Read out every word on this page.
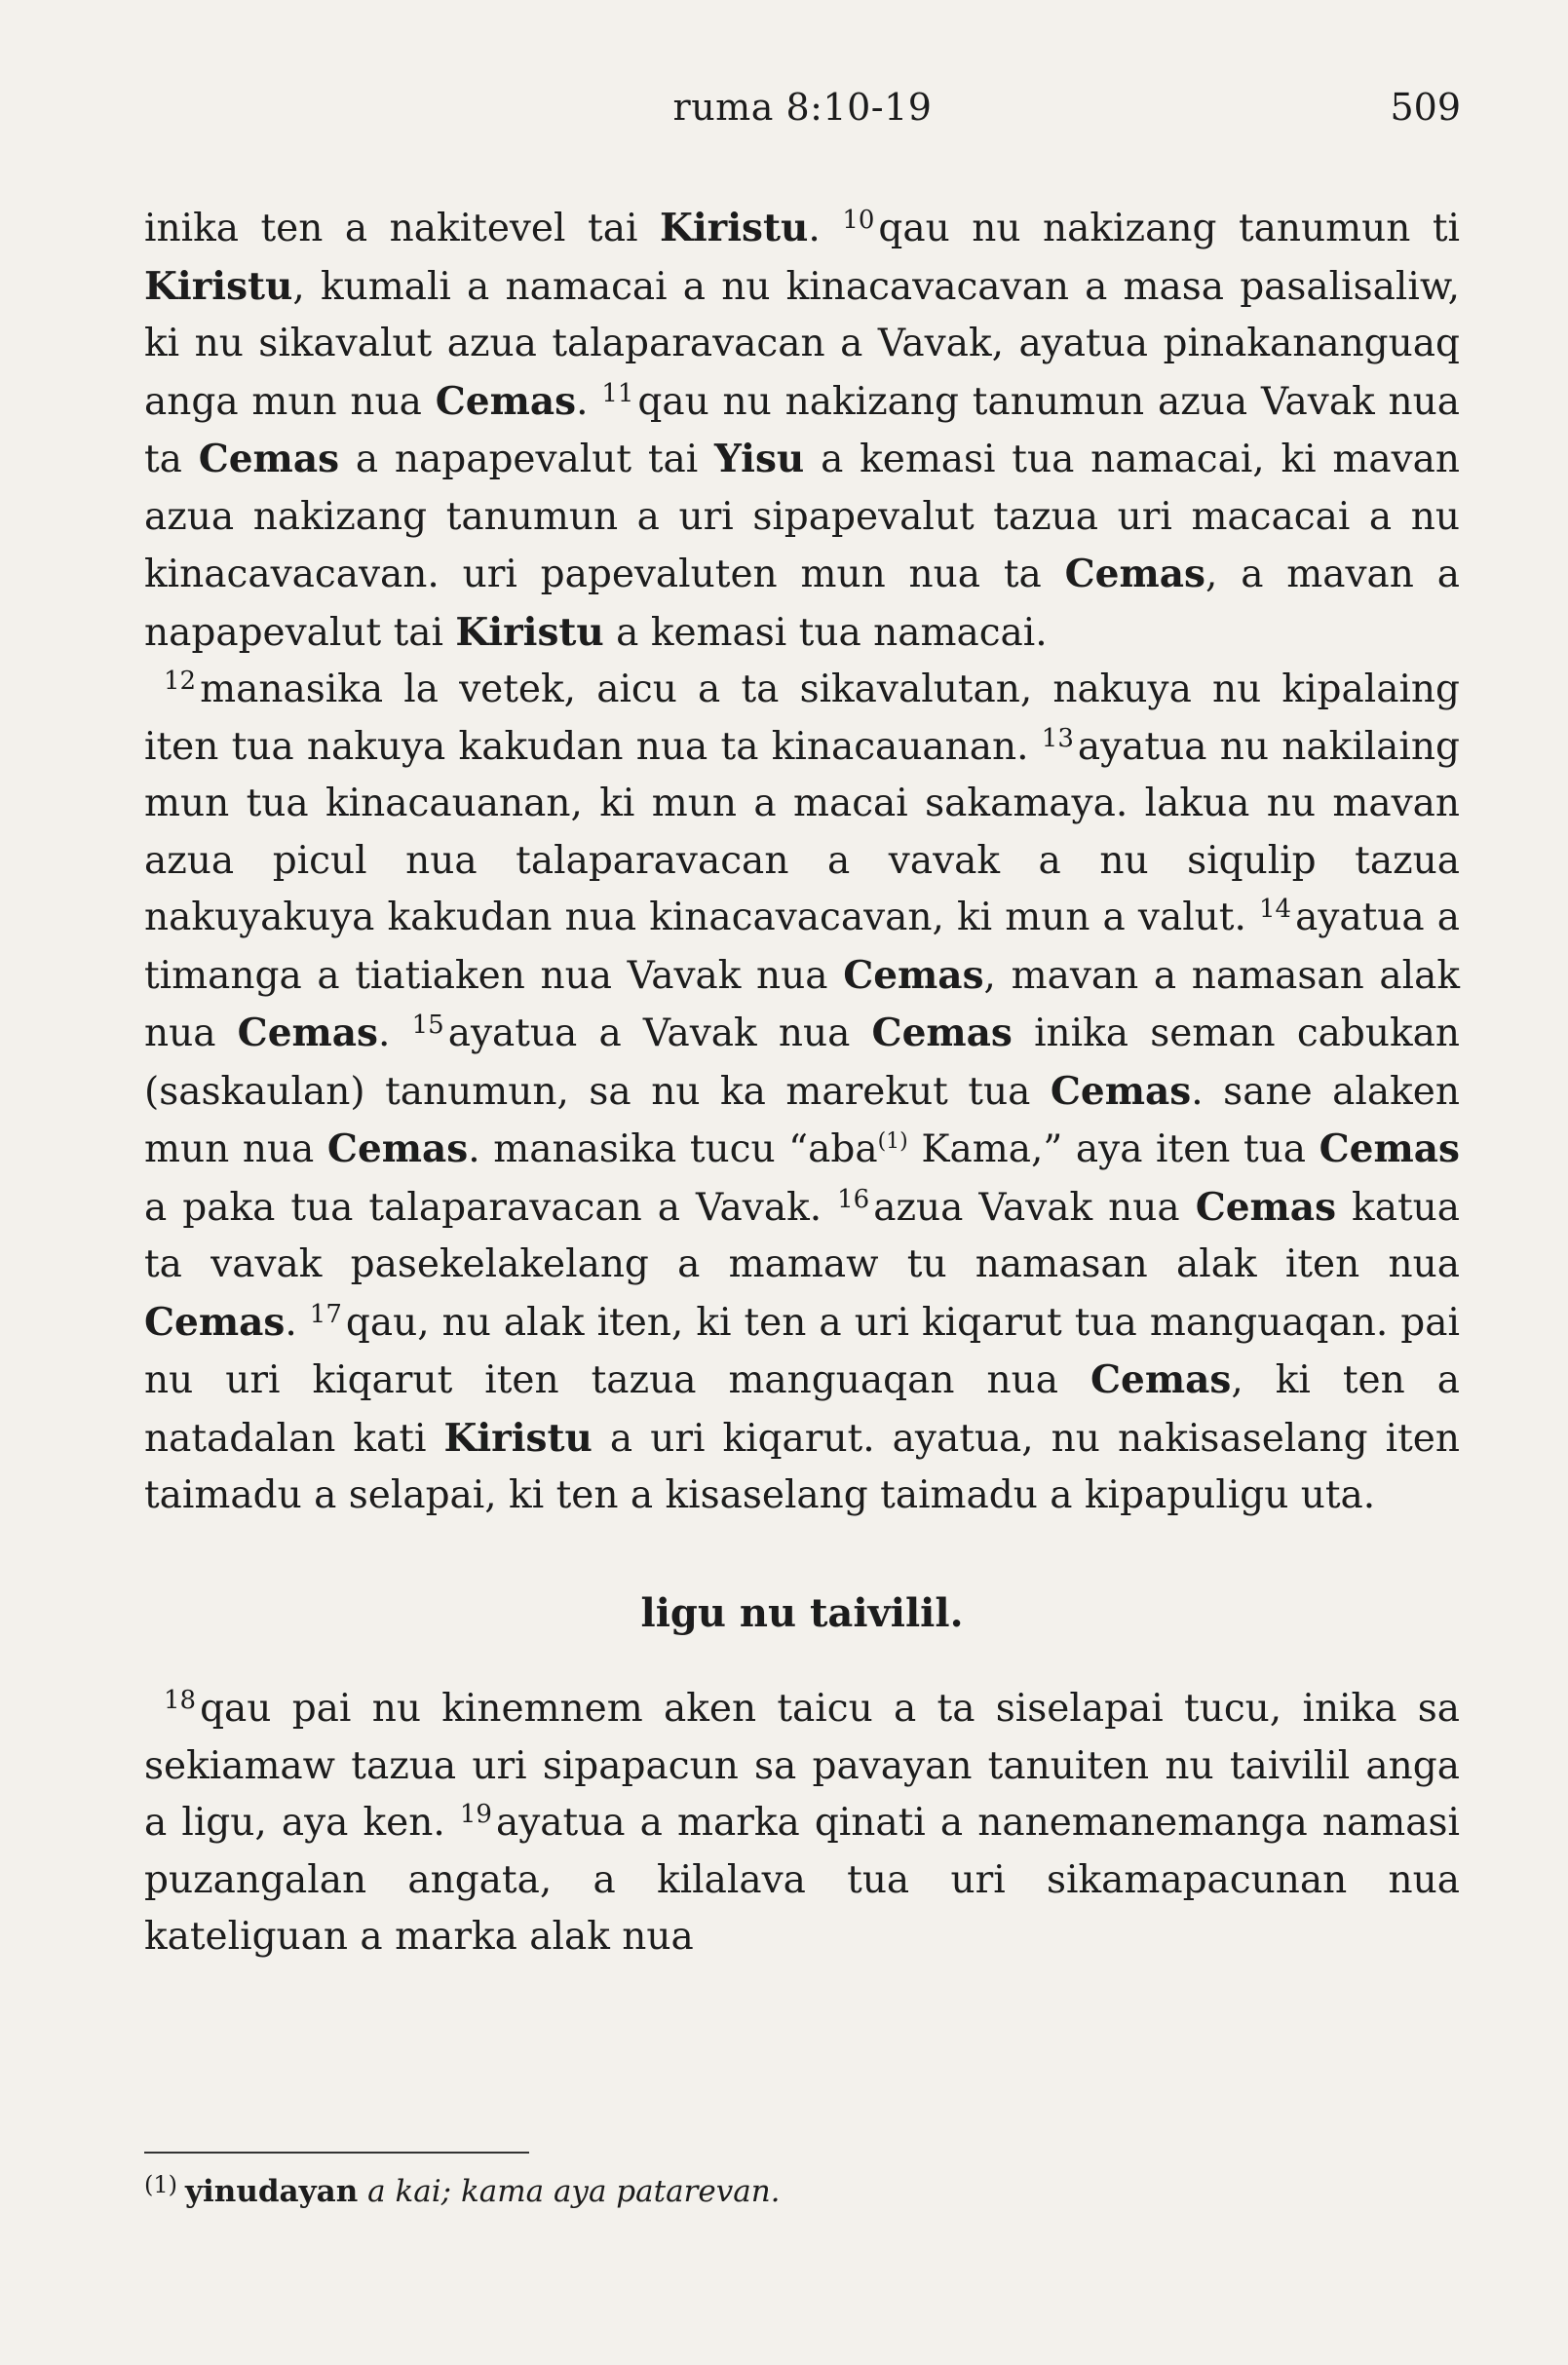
ruma 8:10-19	509

inika ten a nakitevel tai Kiristu. $^{10}$ qau nu nakizang tanumun ti Kiristu, kumali a namacai a nu kinacavacavan a masa pasalisaliw, ki nu sikavalut azua talaparavacan a Vavak, ayatua pinakananguaq anga mun nua Cemas. $^{11}$ qau nu nakizang tanumun azua Vavak nua ta Cemas a napapevalut tai Yisu a kemasi tua namacai, ki mavan azua nakizang tanumun a uri sipapevalut tazua uri macacai a nu kinacavacavan. uri papevaluten mun nua ta Cemas, a mavan a napapevalut tai Kiristu a kemasi tua namacai.

$^{12}$ manasika la vetek, aicu a ta sikavalutan, nakuya nu kipalaing iten tua nakuya kakudan nua ta kinacauanan. $^{13}$ ayatua nu nakilaing mun tua kinacauanan, ki mun a macai sakamaya. lakua nu mavan azua picul nua talaparavacan a vavak a nu siqulip tazua nakuyakuya kakudan nua kinacavacavan, ki mun a valut. $^{14}$ ayatua a timanga a tiatiaken nua Vavak nua Cemas, mavan a namasan alak nua Cemas. $^{15}$ ayatua a Vavak nua Cemas inika seman cabukan (saskaulan) tanumun, sa nu ka marekut tua Cemas. sane alaken mun nua Cemas. manasika tucu “aba$^{(1)}$ Kama,” aya iten tua Cemas a paka tua talaparavacan a Vavak. $^{16}$ azua Vavak nua Cemas katua ta vavak pasekelakelang a mamaw tu namasan alak iten nua Cemas. $^{17}$ qau, nu alak iten, ki ten a uri kiqarut tua manguaqan. pai nu uri kiqarut iten tazua manguaqan nua Cemas, ki ten a natadalan kati Kiristu a uri kiqarut. ayatua, nu nakisaselang iten taimadu a selapai, ki ten a kisaselang taimadu a kipapuligu uta.

ligu nu taivilil.

$^{18}$ qau pai nu kinemnem aken taicu a ta siselapai tucu, inika sa sekiamaw tazua uri sipapacun sa pavayan tanuiten nu taivilil anga a ligu, aya ken. $^{19}$ ayatua a marka qinati a nanemanemanga namasi puzangalan angata, a kilalava tua uri sikamapacunan nua kateliguan a marka alak nua

$^{(1)}$ yinudayan a kai; kama aya patarevan.
